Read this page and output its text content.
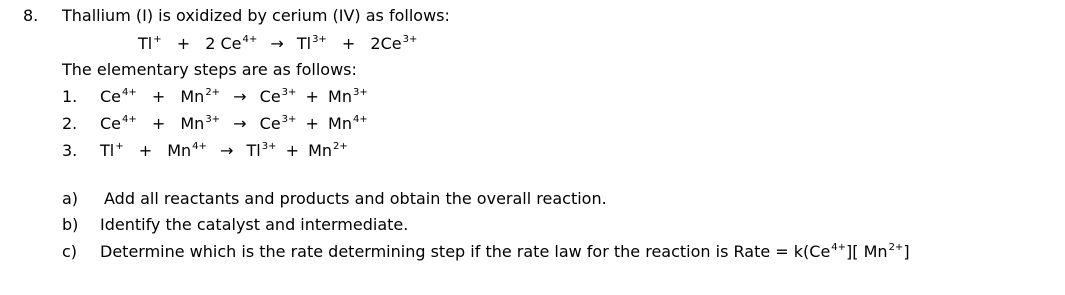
8. Thallium (I) is oxidized by cerium (IV) as follows:
Tl+ + 2 $Ce^{4+} \to Tl^{3+} + 2Ce^{3+}$
The elementary steps are as follows:
1. $Ce^{4+} + Mn^{2+} \to Ce^{3+} + Mn^{3+}$
2. $Ce^{4+} + Mn^{3+} \to Ce^{3+} + Mn^{4+}$
3. $Tl^+ + Mn^{4+} \to Tl^{3+} + Mn^{2+}$
a) Add all reactants and products and obtain the overall reaction.
b) Identify the catalyst and intermediate.
c) Determine which is the rate determining step if the rate law for the reaction is Rate = $k(Ce^{4+}]$[ $Mn^{2+}$]
